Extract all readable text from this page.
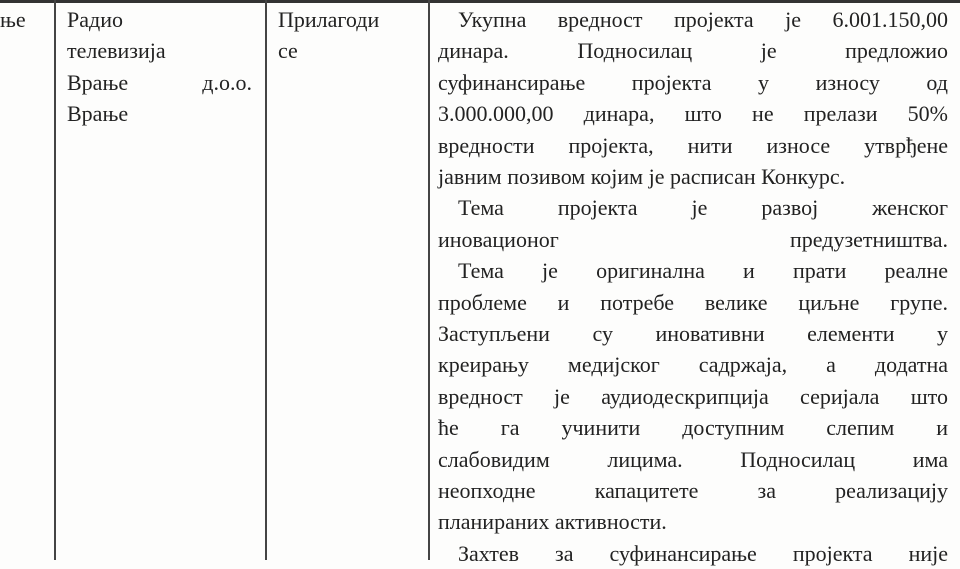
ње Радио
телевизија
Врање д.о.о.
Врање
Прилагоди
се
Укупна вредност пројекта је 6.001.150,00
динара. Подносилац је предложио
суфинансирање пројекта у износу од
3.000.000,00 динара, што не прелази 50%
вредности пројекта, нити износе утврђене
јавним позивом којим је расписан Конкурс.
Тема пројекта је развој женског
иновационог предузетништва.
Тема је оригинална и прати реалне
проблеме и потребе велике циљне групе.
Заступљени су иновативни елементи у
креирању медијског садржаја, а додатна
вредност је аудиодескрипција серијала што
ће га учинити доступним слепим и
слабовидим лицима. Подносилац има
неопходне капацитете за реализацију
планираних активности.
Захтев за суфинансирање пројекта није
